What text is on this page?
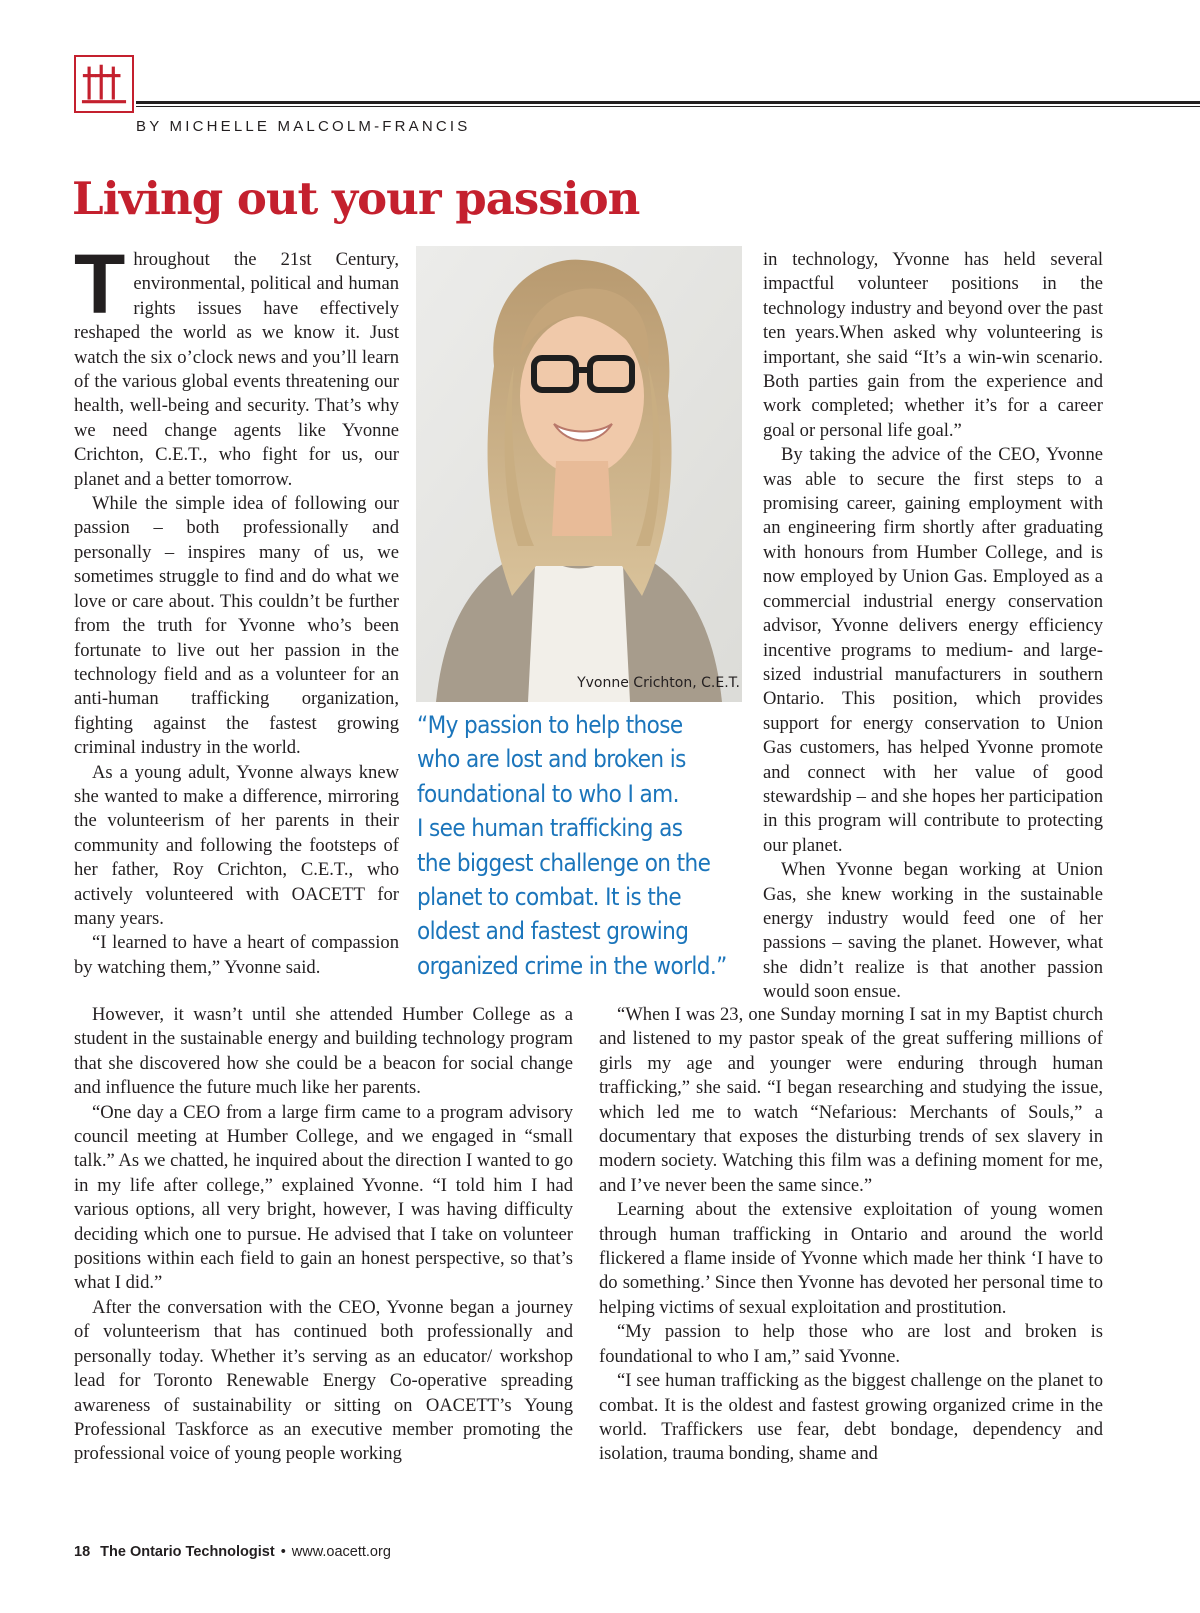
BY MICHELLE MALCOLM-FRANCIS
Living out your passion

Throughout the 21st Century, environmental, political and human rights issues have effectively reshaped the world as we know it. Just watch the six o’clock news and you’ll learn of the various global events threatening our health, well-being and security. That’s why we need change agents like Yvonne Crichton, C.E.T., who fight for us, our planet and a better tomorrow.

While the simple idea of following our passion – both professionally and personally – inspires many of us, we sometimes struggle to find and do what we love or care about. This couldn’t be further from the truth for Yvonne who’s been fortunate to live out her passion in the technology field and as a volunteer for an anti-human trafficking organization, fighting against the fastest growing criminal industry in the world.

As a young adult, Yvonne always knew she wanted to make a difference, mirroring the volunteerism of her parents in their community and following the footsteps of her father, Roy Crichton, C.E.T., who actively volunteered with OACETT for many years.

“I learned to have a heart of compassion by watching them,” Yvonne said.

Yvonne Crichton, C.E.T.

“My passion to help those
who are lost and broken is
foundational to who I am.
I see human trafficking as
the biggest challenge on the
planet to combat. It is the
oldest and fastest growing
organized crime in the world.”

in technology, Yvonne has held several impactful volunteer positions in the technology industry and beyond over the past ten years.When asked why volunteering is important, she said “It’s a win-win scenario. Both parties gain from the experience and work completed; whether it’s for a career goal or personal life goal.”

By taking the advice of the CEO, Yvonne was able to secure the first steps to a promising career, gaining employment with an engineering firm shortly after graduating with honours from Humber College, and is now employed by Union Gas. Employed as a commercial industrial energy conservation advisor, Yvonne delivers energy efficiency incentive programs to medium- and large-sized industrial manufacturers in southern Ontario. This position, which provides support for energy conservation to Union Gas customers, has helped Yvonne promote and connect with her value of good stewardship – and she hopes her participation in this program will contribute to protecting our planet.

When Yvonne began working at Union Gas, she knew working in the sustainable energy industry would feed one of her passions – saving the planet. However, what she didn’t realize is that another passion would soon ensue.

However, it wasn’t until she attended Humber College as a student in the sustainable energy and building technology program that she discovered how she could be a beacon for social change and influence the future much like her parents.

“One day a CEO from a large firm came to a program advisory council meeting at Humber College, and we engaged in “small talk.” As we chatted, he inquired about the direction I wanted to go in my life after college,” explained Yvonne. “I told him I had various options, all very bright, however, I was having difficulty deciding which one to pursue. He advised that I take on volunteer positions within each field to gain an honest perspective, so that’s what I did.”

After the conversation with the CEO, Yvonne began a journey of volunteerism that has continued both professionally and personally today. Whether it’s serving as an educator/ workshop lead for Toronto Renewable Energy Co-operative spreading awareness of sustainability or sitting on OACETT’s Young Professional Taskforce as an executive member promoting the professional voice of young people working

“When I was 23, one Sunday morning I sat in my Baptist church and listened to my pastor speak of the great suffering millions of girls my age and younger were enduring through human trafficking,” she said. “I began researching and studying the issue, which led me to watch “Nefarious: Merchants of Souls,” a documentary that exposes the disturbing trends of sex slavery in modern society. Watching this film was a defining moment for me, and I’ve never been the same since.”

Learning about the extensive exploitation of young women through human trafficking in Ontario and around the world flickered a flame inside of Yvonne which made her think ‘I have to do something.’ Since then Yvonne has devoted her personal time to helping victims of sexual exploitation and prostitution.

“My passion to help those who are lost and broken is foundational to who I am,” said Yvonne.

“I see human trafficking as the biggest challenge on the planet to combat. It is the oldest and fastest growing organized crime in the world. Traffickers use fear, debt bondage, dependency and isolation, trauma bonding, shame and

18 The Ontario Technologist • www.oacett.org
